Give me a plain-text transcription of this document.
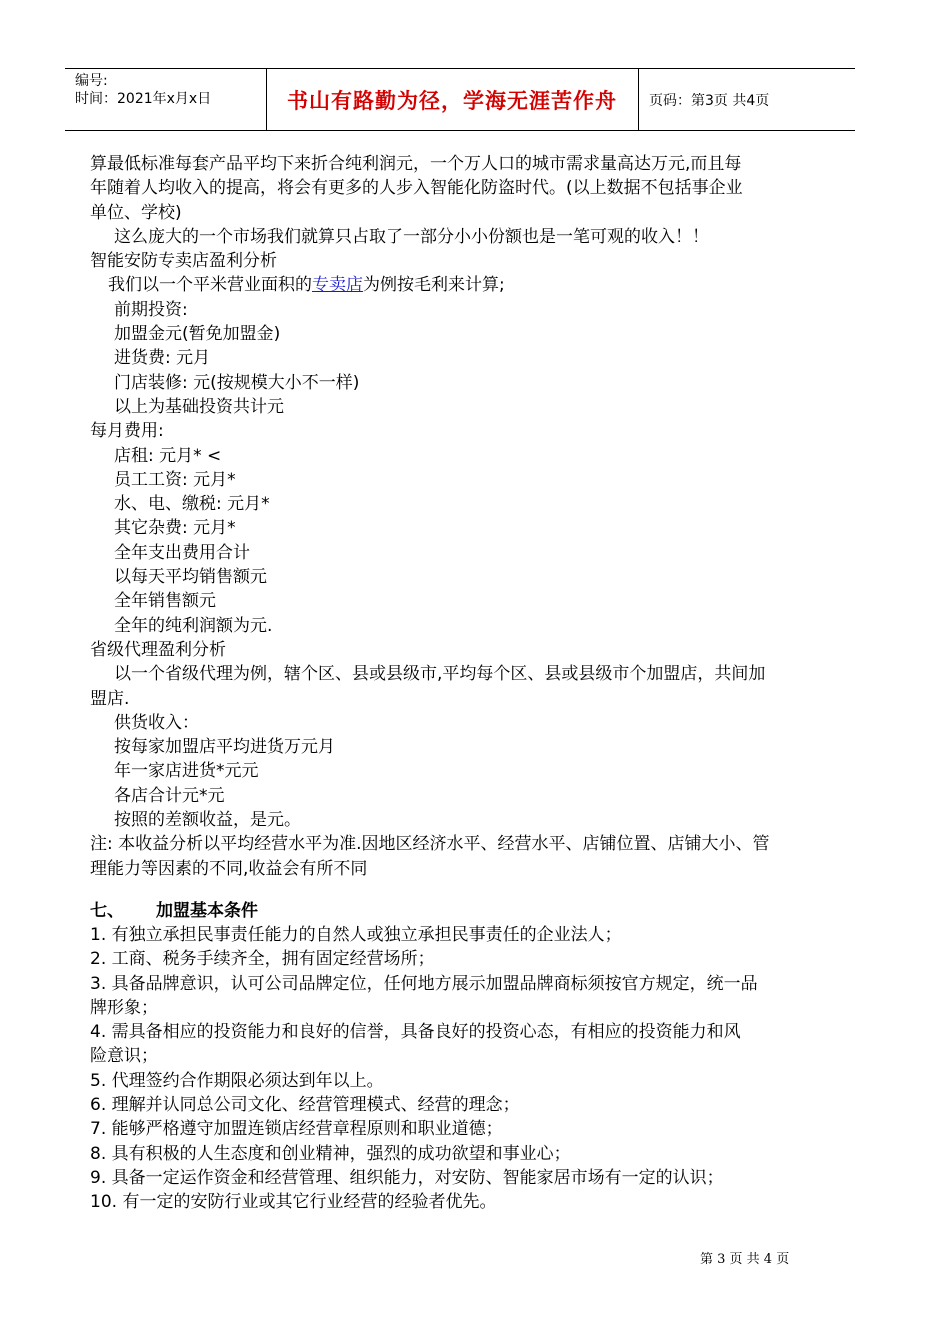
编号:
时间：2021年x月x日	书山有路勤为径，学海无涯苦作舟	页码：第3页 共4页
算最低标准每套产品平均下来折合纯利润元，一个万人口的城市需求量高达万元,而且每
年随着人均收入的提高，将会有更多的人步入智能化防盗时代。(以上数据不包括事企业
单位、学校)
这么庞大的一个市场我们就算只占取了一部分小小份额也是一笔可观的收入！！
智能安防专卖店盈利分析
我们以一个平米营业面积的专卖店为例按毛利来计算;
前期投资:
加盟金元(暂免加盟金)
进货费: 元月
门店装修: 元(按规模大小不一样)
以上为基础投资共计元
每月费用:
店租: 元月* <
员工工资: 元月*
水、电、缴税: 元月*
其它杂费: 元月*
全年支出费用合计
以每天平均销售额元
全年销售额元
全年的纯利润额为元.
省级代理盈利分析
以一个省级代理为例，辖个区、县或县级市,平均每个区、县或县级市个加盟店，共间加
盟店.
供货收入：
按每家加盟店平均进货万元月
年一家店进货*元元
各店合计元*元
按照的差额收益，是元。
注: 本收益分析以平均经营水平为准.因地区经济水平、经营水平、店铺位置、店铺大小、管
理能力等因素的不同,收益会有所不同
七、 加盟基本条件
1. 有独立承担民事责任能力的自然人或独立承担民事责任的企业法人；
2. 工商、税务手续齐全，拥有固定经营场所；
3. 具备品牌意识，认可公司品牌定位，任何地方展示加盟品牌商标须按官方规定，统一品
牌形象；
4. 需具备相应的投资能力和良好的信誉，具备良好的投资心态，有相应的投资能力和风
险意识；
5. 代理签约合作期限必须达到年以上。
6. 理解并认同总公司文化、经营管理模式、经营的理念；
7. 能够严格遵守加盟连锁店经营章程原则和职业道德；
8. 具有积极的人生态度和创业精神，强烈的成功欲望和事业心；
9. 具备一定运作资金和经营管理、组织能力，对安防、智能家居市场有一定的认识；
10. 有一定的安防行业或其它行业经营的经验者优先。
第 3 页 共 4 页
